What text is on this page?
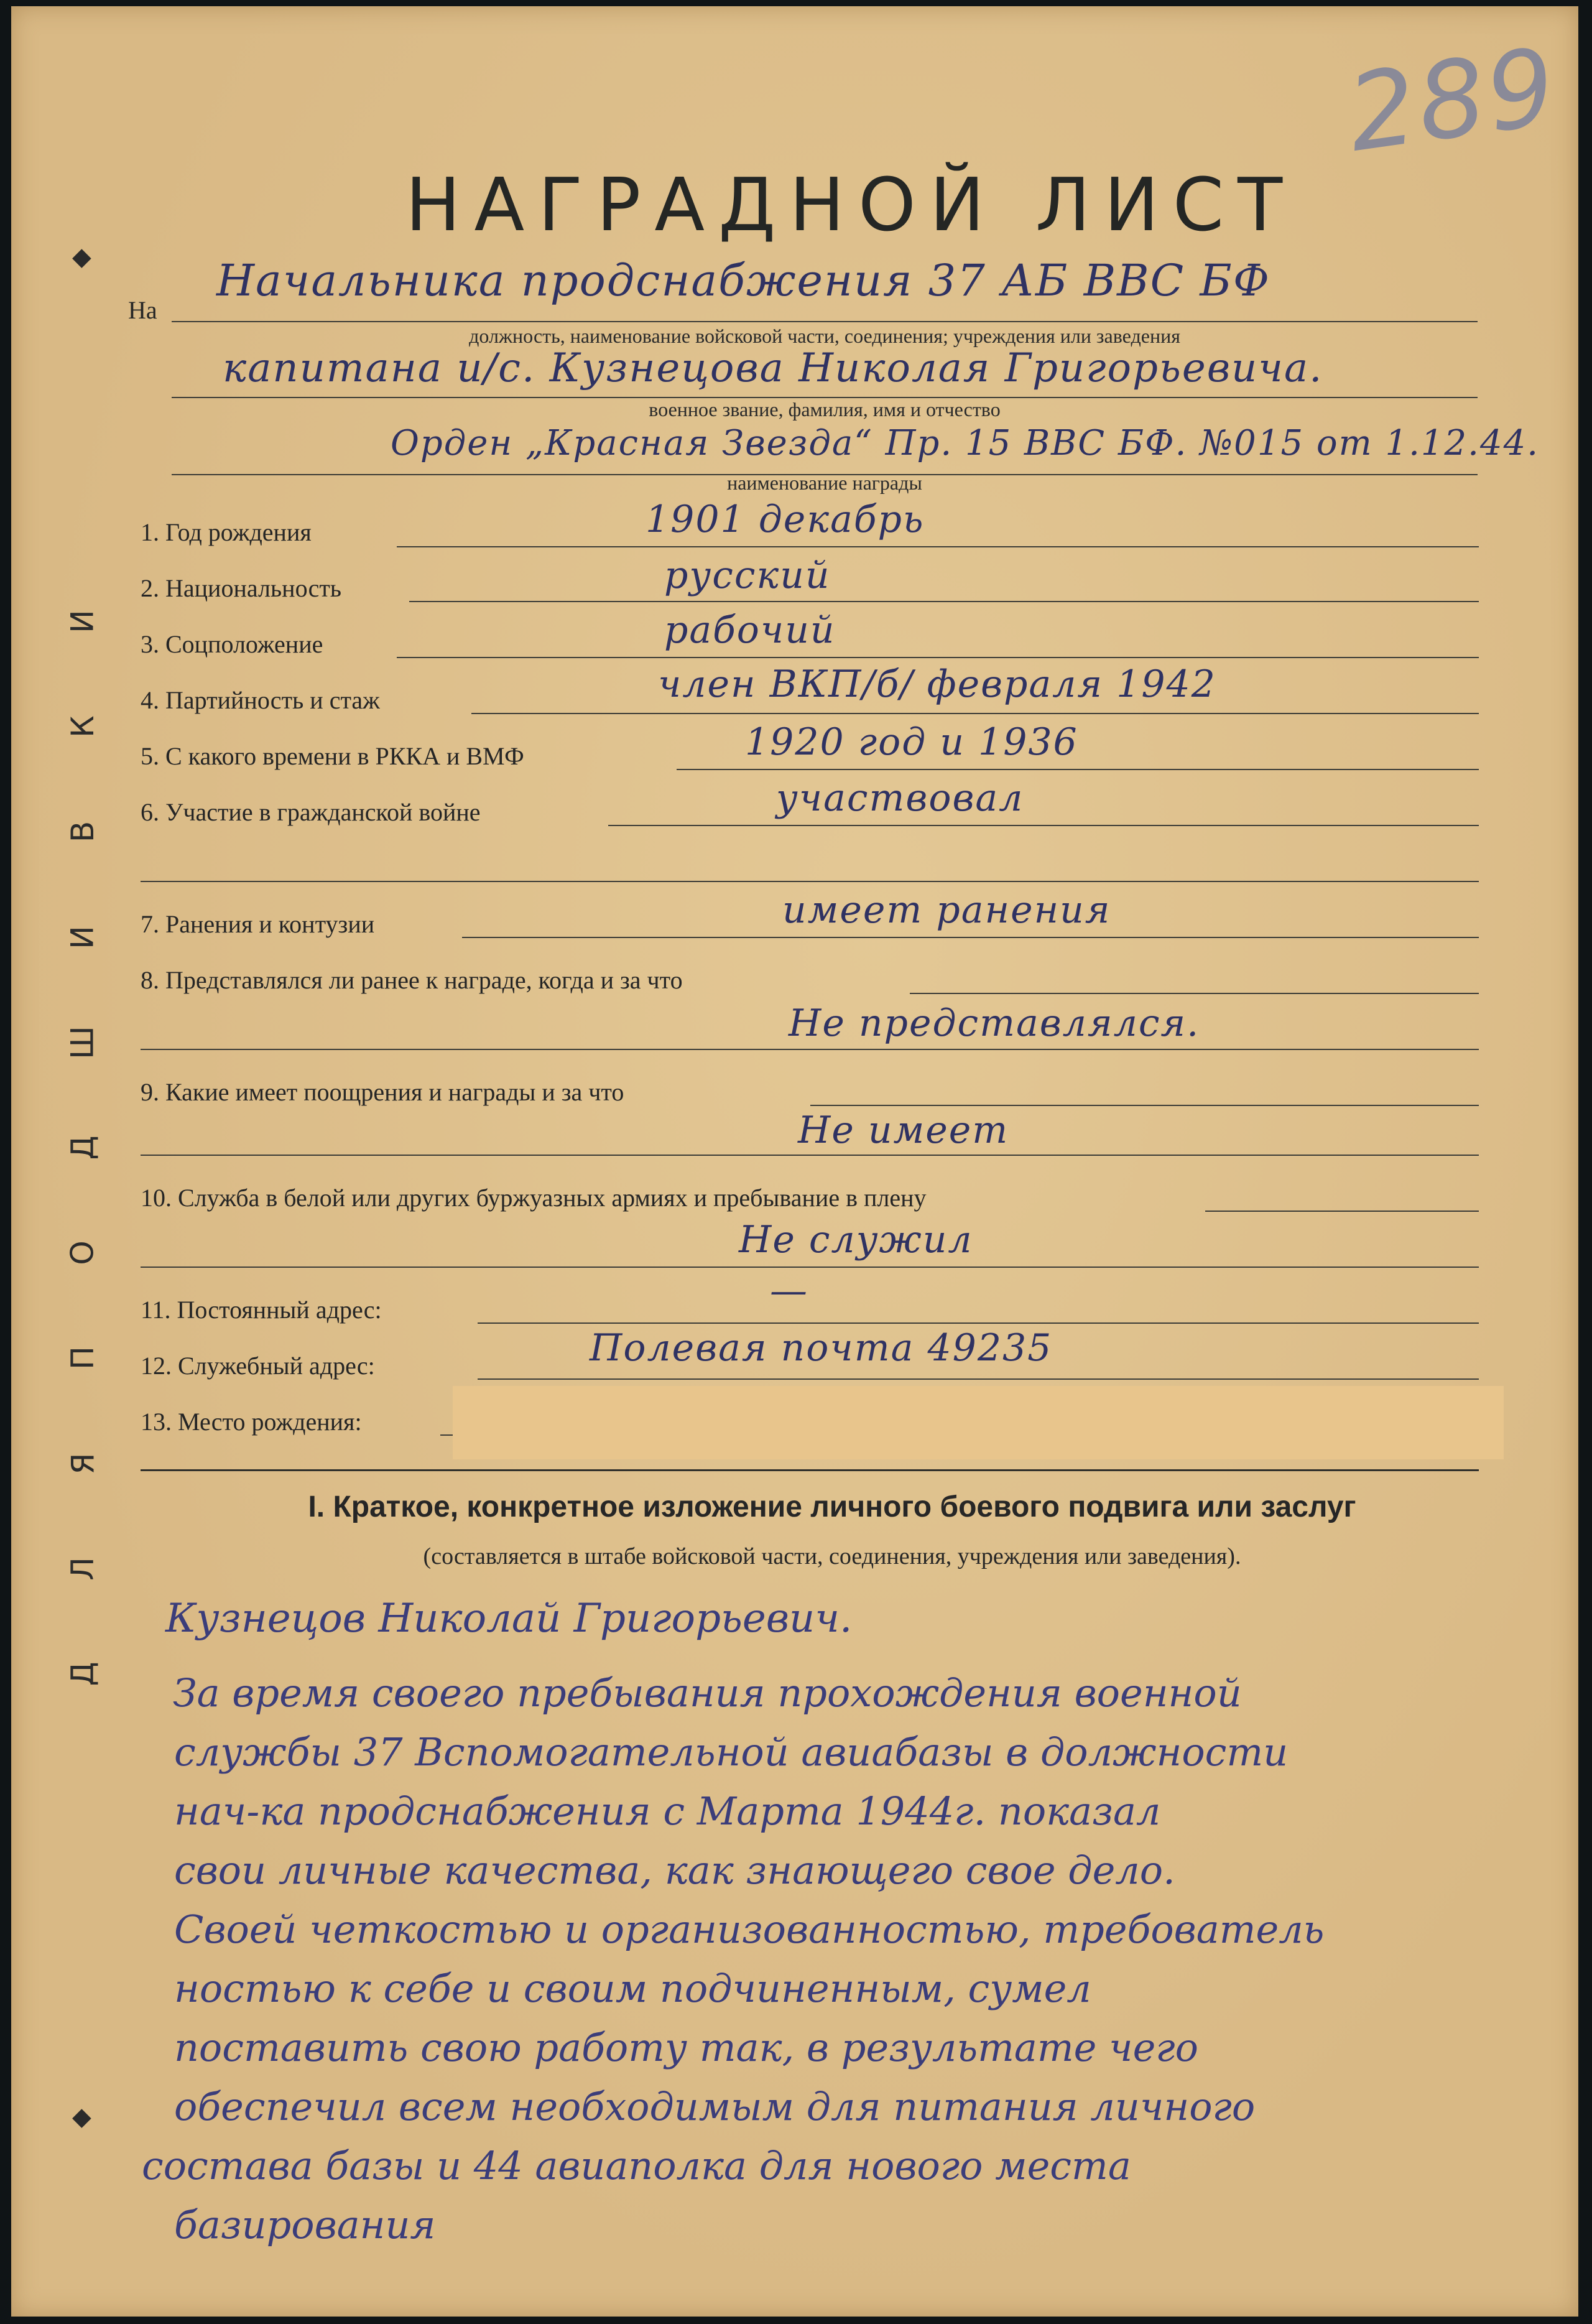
289
НАГРАДНОЙ ЛИСТ
Д
Л
Я
П
О
Д
Ш
И
В
К
И
◆
◆
На
Начальника продснабжения 37 АБ ВВС БФ
должность, наименование войсковой части, соединения; учреждения или заведения
капитана и/с. Кузнецова Николая Григорьевича.
военное звание, фамилия, имя и отчество
Орден „Красная Звезда“ Пр. 15 ВВС БФ. №015 от 1.12.44.
наименование награды
1. Год рождения	1901 декабрь
2. Национальность	русский
3. Соцположение	рабочий
4. Партийность и стаж	член ВКП/б/ февраля 1942
5. С какого времени в РККА и ВМФ	1920 год и 1936
6. Участие в гражданской войне	участвовал
7. Ранения и контузии	имеет ранения
8. Представлялся ли ранее к награде, когда и за что
Не представлялся.
9. Какие имеет поощрения и награды и за что
Не имеет
10. Служба в белой или других буржуазных армиях и пребывание в плену
Не служил
11. Постоянный адрес:	—
12. Служебный адрес:	Полевая почта 49235
13. Место рождения:
I. Краткое, конкретное изложение личного боевого подвига или заслуг
(составляется в штабе войсковой части, соединения, учреждения или заведения).
Кузнецов Николай Григорьевич.
За время своего пребывания прохождения военной
службы 37 Вспомогательной авиабазы в должности
нач-ка продснабжения с Марта 1944г. показал
свои личные качества, как знающего свое дело.
Своей четкостью и организованностью, требователь
ностью к себе и своим подчиненным, сумел
поставить свою работу так, в результате чего
обеспечил всем необходимым для питания личного
состава базы и 44 авиаполка для нового места
базирования
